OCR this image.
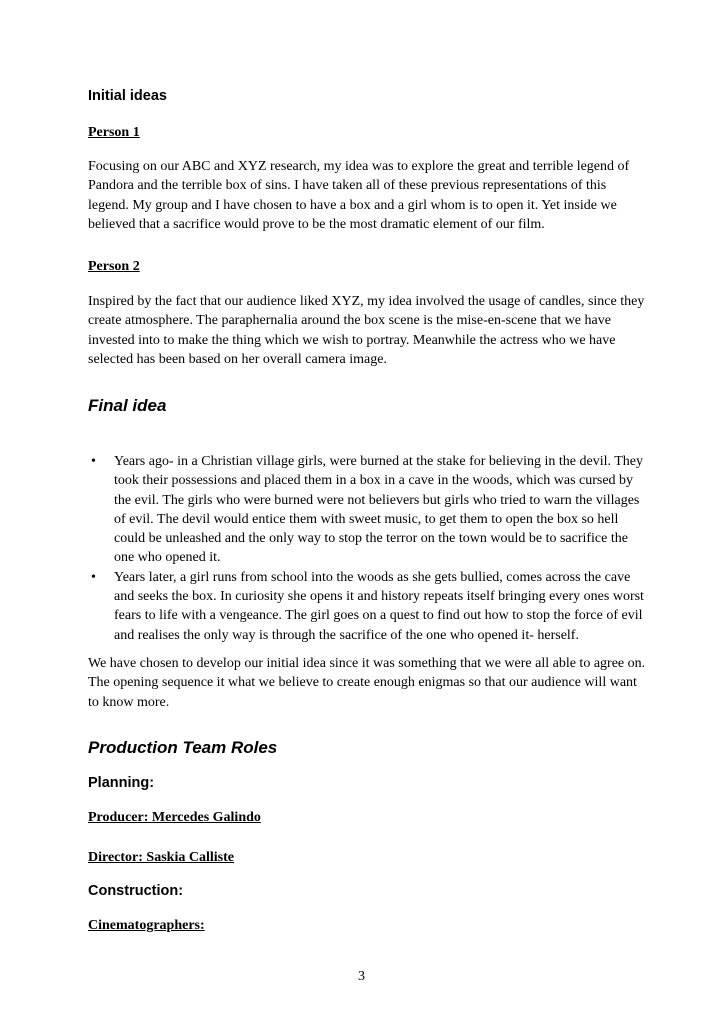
Initial ideas
Person 1
Focusing on our ABC and XYZ research, my idea was to explore the great and terrible legend of Pandora and the terrible box of sins. I have taken all of these previous representations of this legend. My group and I have chosen to have a box and a girl whom is to open it. Yet inside we believed that a sacrifice would prove to be the most dramatic element of our film.
Person 2
Inspired by the fact that our audience liked XYZ, my idea involved the usage of candles, since they create atmosphere. The paraphernalia around the box scene is the mise-en-scene that we have invested into to make the thing which we wish to portray. Meanwhile the actress who we have selected has been based on her overall camera image.
Final idea
• Years ago- in a Christian village girls, were burned at the stake for believing in the devil. They took their possessions and placed them in a box in a cave in the woods, which was cursed by the evil. The girls who were burned were not believers but girls who tried to warn the villages of evil. The devil would entice them with sweet music, to get them to open the box so hell could be unleashed and the only way to stop the terror on the town would be to sacrifice the one who opened it.
• Years later, a girl runs from school into the woods as she gets bullied, comes across the cave and seeks the box. In curiosity she opens it and history repeats itself bringing every ones worst fears to life with a vengeance. The girl goes on a quest to find out how to stop the force of evil and realises the only way is through the sacrifice of the one who opened it- herself.
We have chosen to develop our initial idea since it was something that we were all able to agree on. The opening sequence it what we believe to create enough enigmas so that our audience will want to know more.
Production Team Roles
Planning:
Producer: Mercedes Galindo
Director: Saskia Calliste
Construction:
Cinematographers:
3
